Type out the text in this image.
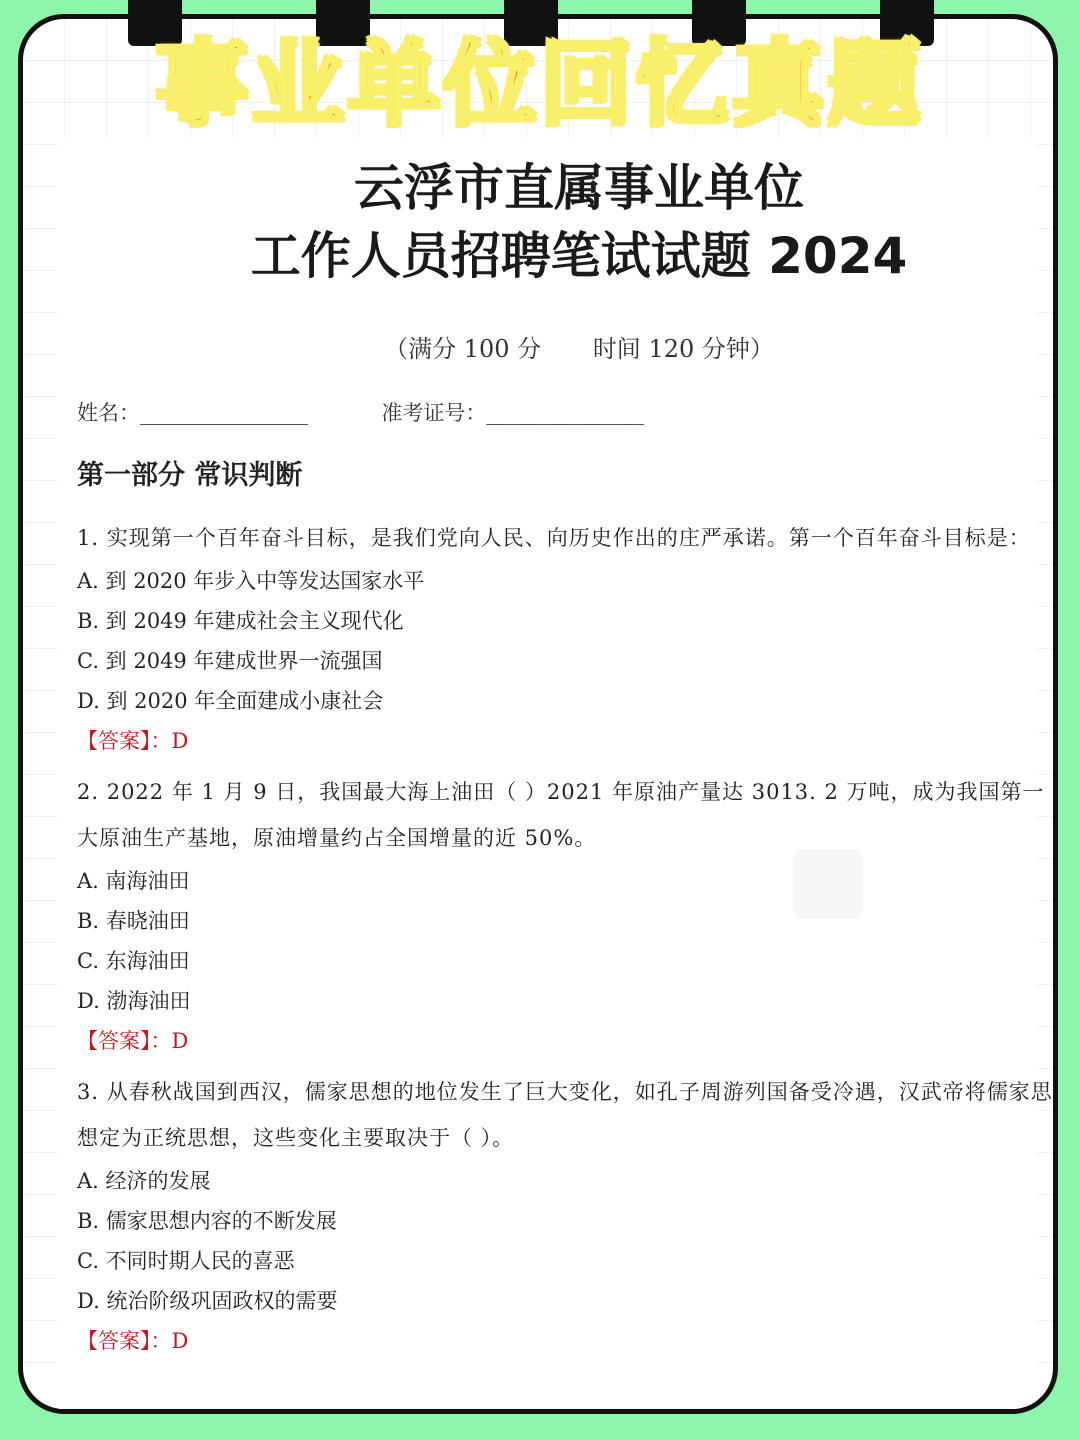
云浮市直属事业单位
工作人员招聘笔试试题 2024
（满分 100 分 时间 120 分钟）
姓名：________________	准考证号：_______________
第一部分 常识判断

1. 实现第一个百年奋斗目标，是我们党向人民、向历史作出的庄严承诺。第一个百年奋斗目标是：

A. 到 2020 年步入中等发达国家水平

B. 到 2049 年建成社会主义现代化

C. 到 2049 年建成世界一流强国

D. 到 2020 年全面建成小康社会

【答案】：D

2. 2022 年 1 月 9 日，我国最大海上油田（ ）2021 年原油产量达 3013. 2 万吨，成为我国第一大原油生产基地，原油增量约占全国增量的近 50%。

A. 南海油田

B. 春晓油田

C. 东海油田

D. 渤海油田

【答案】：D

3. 从春秋战国到西汉，儒家思想的地位发生了巨大变化，如孔子周游列国备受冷遇，汉武帝将儒家思想定为正统思想，这些变化主要取决于（ ）。

A. 经济的发展

B. 儒家思想内容的不断发展

C. 不同时期人民的喜恶

D. 统治阶级巩固政权的需要

【答案】：D

事业单位回忆真题
